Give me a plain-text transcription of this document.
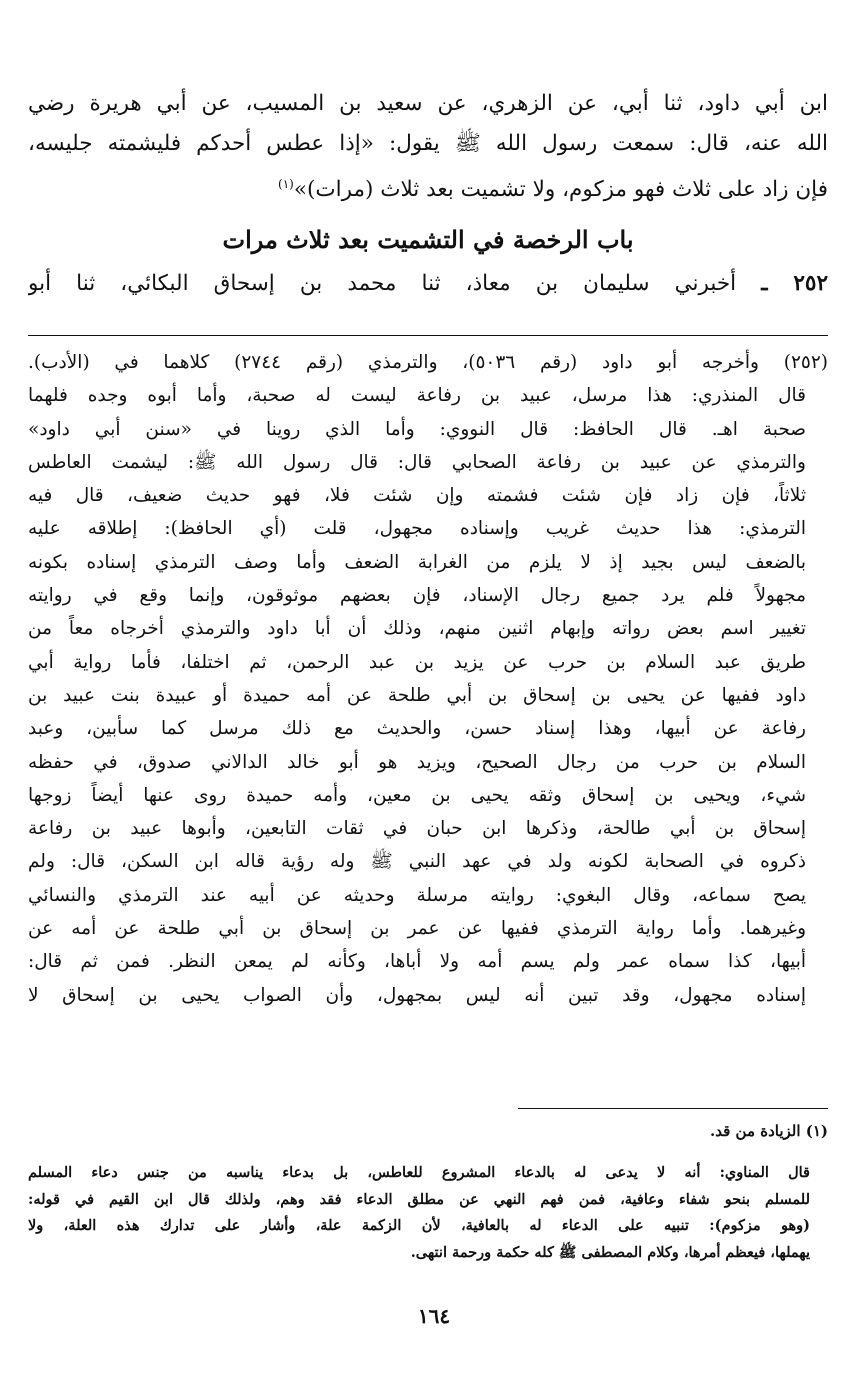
ابن أبي داود، ثنا أبي، عن الزهري، عن سعيد بن المسيب، عن أبي هريرة رضي
الله عنه، قال: سمعت رسول الله ﷺ يقول: «إذا عطس أحدكم فليشمته جليسه،
فإن زاد على ثلاث فهو مزكوم، ولا تشميت بعد ثلاث (مرات)»$^{(١)}$
باب الرخصة في التشميت بعد ثلاث مرات
٢٥٢ ـ أخبرني سليمان بن معاذ، ثنا محمد بن إسحاق البكائي، ثنا أبو
(٢٥٢) وأخرجه أبو داود (رقم ٥٠٣٦)، والترمذي (رقم ٢٧٤٤) كلاهما في (الأدب).
قال المنذري: هذا مرسل، عبيد بن رفاعة ليست له صحبة، وأما أبوه وجده فلهما
صحبة اهـ. قال الحافظ: قال النووي: وأما الذي روينا في «سنن أبي داود»
والترمذي عن عبيد بن رفاعة الصحابي قال: قال رسول الله ﷺ: ليشمت العاطس
ثلاثاً، فإن زاد فإن شئت فشمته وإن شئت فلا، فهو حديث ضعيف، قال فيه
الترمذي: هذا حديث غريب وإسناده مجهول، قلت (أي الحافظ): إطلاقه عليه
بالضعف ليس بجيد إذ لا يلزم من الغرابة الضعف وأما وصف الترمذي إسناده بكونه
مجهولاً فلم يرد جميع رجال الإسناد، فإن بعضهم موثوقون، وإنما وقع في روايته
تغيير اسم بعض رواته وإبهام اثنين منهم، وذلك أن أبا داود والترمذي أخرجاه معاً من
طريق عبد السلام بن حرب عن يزيد بن عبد الرحمن، ثم اختلفا، فأما رواية أبي
داود ففيها عن يحيى بن إسحاق بن أبي طلحة عن أمه حميدة أو عبيدة بنت عبيد بن
رفاعة عن أبيها، وهذا إسناد حسن، والحديث مع ذلك مرسل كما سأبين، وعبد
السلام بن حرب من رجال الصحيح، ويزيد هو أبو خالد الدالاني صدوق، في حفظه
شيء، ويحيى بن إسحاق وثقه يحيى بن معين، وأمه حميدة روى عنها أيضاً زوجها
إسحاق بن أبي طالحة، وذكرها ابن حبان في ثقات التابعين، وأبوها عبيد بن رفاعة
ذكروه في الصحابة لكونه ولد في عهد النبي ﷺ وله رؤية قاله ابن السكن، قال: ولم
يصح سماعه، وقال البغوي: روايته مرسلة وحديثه عن أبيه عند الترمذي والنسائي
وغيرهما. وأما رواية الترمذي ففيها عن عمر بن إسحاق بن أبي طلحة عن أمه عن
أبيها، كذا سماه عمر ولم يسم أمه ولا أباها، وكأنه لم يمعن النظر. فمن ثم قال:
إسناده مجهول، وقد تبين أنه ليس بمجهول، وأن الصواب يحيى بن إسحاق لا
(١) الزيادة من قد.
قال المناوي: أنه لا يدعى له بالدعاء المشروع للعاطس، بل بدعاء يناسبه من جنس دعاء المسلم
للمسلم بنحو شفاء وعافية، فمن فهم النهي عن مطلق الدعاء فقد وهم، ولذلك قال ابن القيم في قوله:
(وهو مزكوم): تنبيه على الدعاء له بالعافية، لأن الزكمة علة، وأشار على تدارك هذه العلة، ولا
يهملها، فيعظم أمرها، وكلام المصطفى ﷺ كله حكمة ورحمة انتهى.
١٦٤
